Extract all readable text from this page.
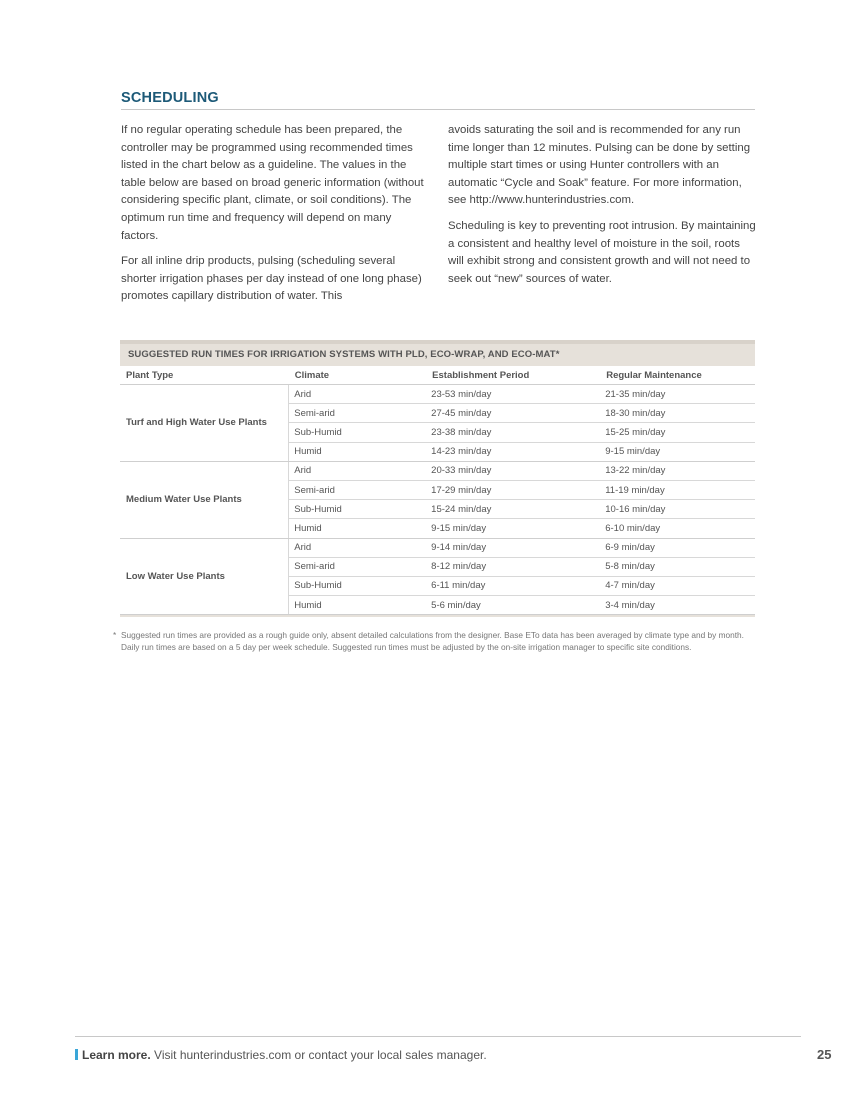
SCHEDULING

If no regular operating schedule has been prepared, the controller may be programmed using recommended times listed in the chart below as a guideline. The values in the table below are based on broad generic information (without considering specific plant, climate, or soil conditions). The optimum run time and frequency will depend on many factors.

For all inline drip products, pulsing (scheduling several shorter irrigation phases per day instead of one long phase) promotes capillary distribution of water. This

avoids saturating the soil and is recommended for any run time longer than 12 minutes. Pulsing can be done by setting multiple start times or using Hunter controllers with an automatic “Cycle and Soak” feature. For more information, see http://www.hunterindustries.com.

Scheduling is key to preventing root intrusion. By maintaining a consistent and healthy level of moisture in the soil, roots will exhibit strong and consistent growth and will not need to seek out “new” sources of water.

SUGGESTED RUN TIMES FOR IRRIGATION SYSTEMS WITH PLD, ECO-WRAP, AND ECO-MAT*
Plant Type	Climate	Establishment Period	Regular Maintenance
Turf and High Water Use Plants	Arid	23-53 min/day	21-35 min/day
	Semi-arid	27-45 min/day	18-30 min/day
	Sub-Humid	23-38 min/day	15-25 min/day
	Humid	14-23 min/day	9-15 min/day
Medium Water Use Plants	Arid	20-33 min/day	13-22 min/day
	Semi-arid	17-29 min/day	11-19 min/day
	Sub-Humid	15-24 min/day	10-16 min/day
	Humid	9-15 min/day	6-10 min/day
Low Water Use Plants	Arid	9-14 min/day	6-9 min/day
	Semi-arid	8-12 min/day	5-8 min/day
	Sub-Humid	6-11 min/day	4-7 min/day
	Humid	5-6 min/day	3-4 min/day
* Suggested run times are provided as a rough guide only, absent detailed calculations from the designer. Base ETo data has been averaged by climate type and by month. Daily run times are based on a 5 day per week schedule. Suggested run times must be adjusted by the on-site irrigation manager to specific site conditions.
Learn more. Visit hunterindustries.com or contact your local sales manager.	25
